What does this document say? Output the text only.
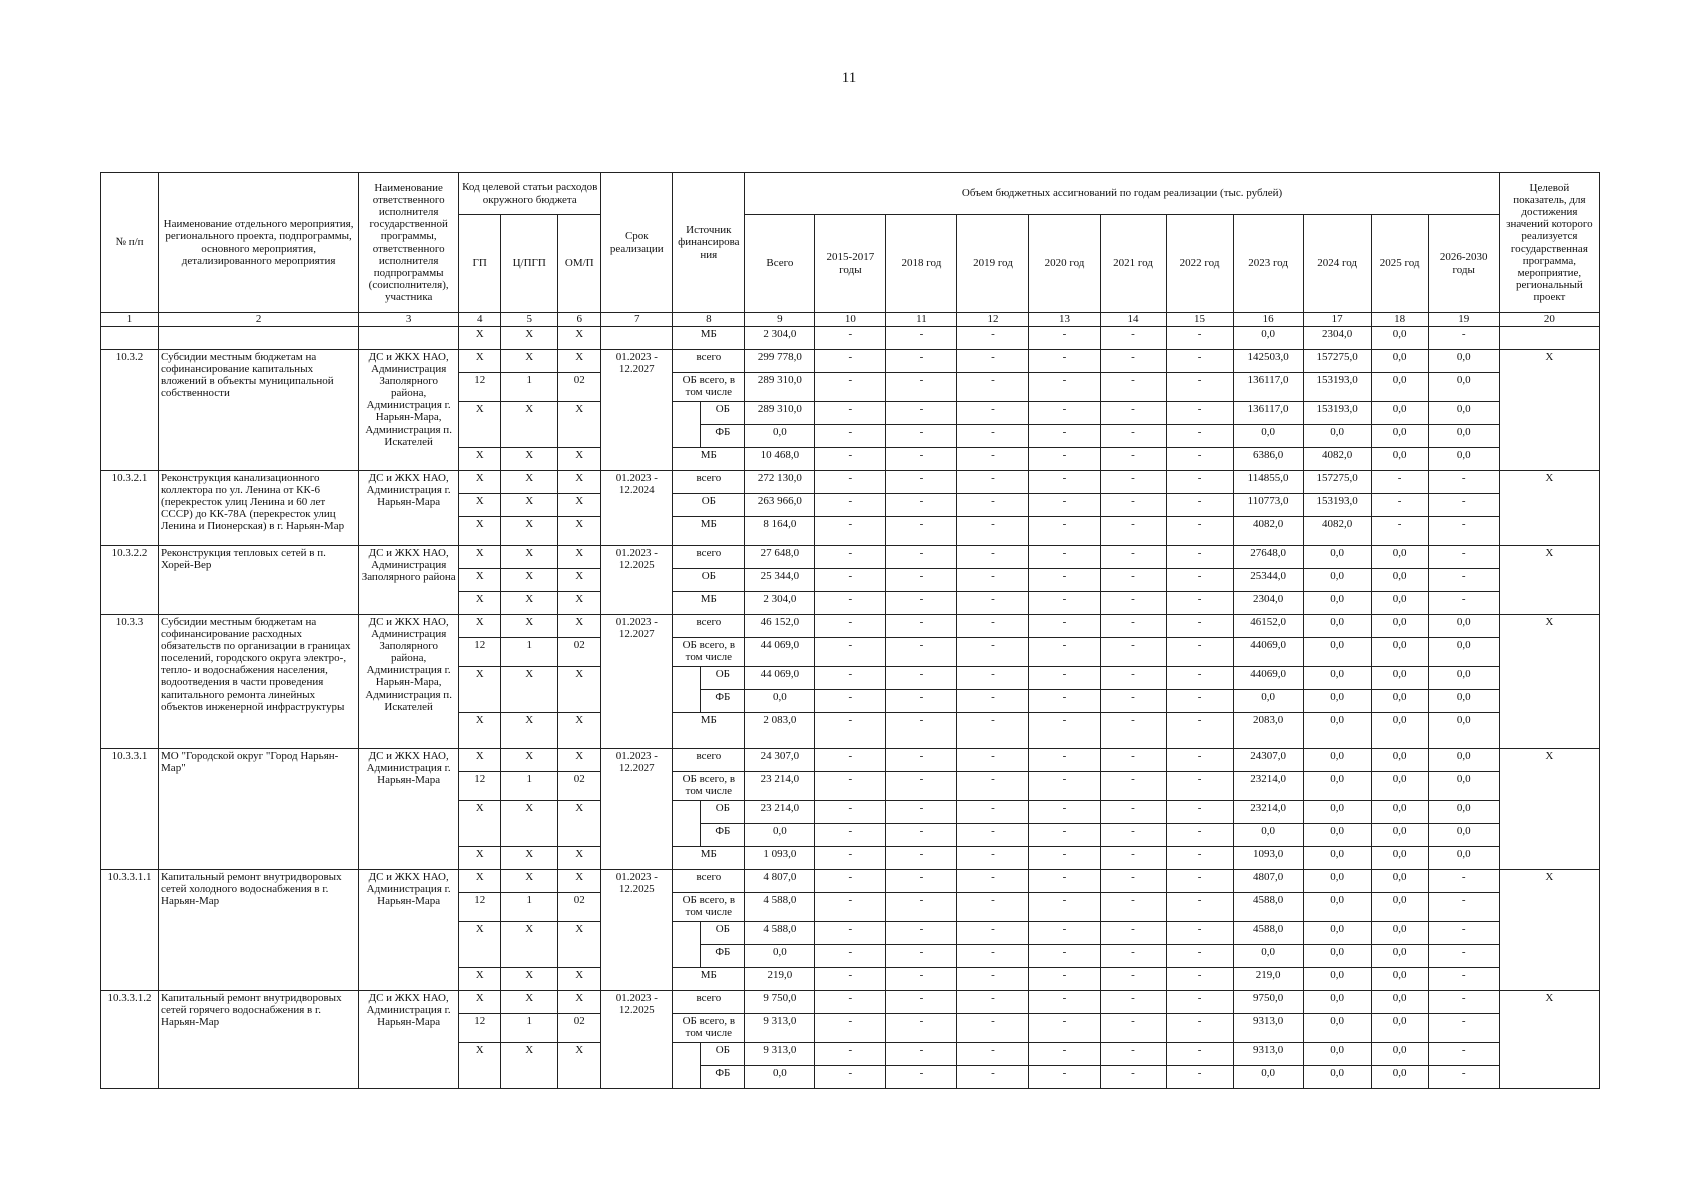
11
№ п/п	Наименование отдельного мероприятия, регионального проекта, подпрограммы, основного мероприятия, детализированного мероприятия	Наименование ответственного исполнителя государственной программы, ответственного исполнителя подпрограммы (соисполнителя), участника	Код целевой статьи расходов окружного бюджета			Срок реализации	Источник финансирования		Объем бюджетных ассигнований по годам реализации (тыс. рублей)											Целевой показатель, для достижения значений которого реализуется государственная программа, мероприятие, региональный проект
			ГП	Ц/ПГП	ОМ/П				Всего	2015-2017 годы	2018 год	2019 год	2020 год	2021 год	2022 год	2023 год	2024 год	2025 год	2026-2030 годы	
1	2	3	4	5	6	7	8		9	10	11	12	13	14	15	16	17	18	19	20
			X	X	X		МБ		2 304,0	-	-	-	-	-	-	0,0	2304,0	0,0	-	
10.3.2	Субсидии местным бюджетам на софинансирование капитальных вложений в объекты муниципальной собственности	ДС и ЖКХ НАО, Администрация Заполярного района, Администрация г. Нарьян-Мара, Администрация п. Искателей	X	X	X	01.2023 - 12.2027	всего		299 778,0	-	-	-	-	-	-	142503,0	157275,0	0,0	0,0	X
			12	1	02		ОБ всего, в том числе		289 310,0	-	-	-	-	-	-	136117,0	153193,0	0,0	0,0	
			X	X	X			ОБ	289 310,0	-	-	-	-	-	-	136117,0	153193,0	0,0	0,0	
								ФБ	0,0	-	-	-	-	-	-	0,0	0,0	0,0	0,0	
			X	X	X		МБ		10 468,0	-	-	-	-	-	-	6386,0	4082,0	0,0	0,0	
10.3.2.1	Реконструкция канализационного коллектора по ул. Ленина от КК-6 (перекресток улиц Ленина и 60 лет СССР) до КК-78А (перекресток улиц Ленина и Пионерская) в г. Нарьян-Мар	ДС и ЖКХ НАО, Администрация г. Нарьян-Мара	X	X	X	01.2023 - 12.2024	всего		272 130,0	-	-	-	-	-	-	114855,0	157275,0	-	-	X
			X	X	X		ОБ		263 966,0	-	-	-	-	-	-	110773,0	153193,0	-	-	
			X	X	X		МБ		8 164,0	-	-	-	-	-	-	4082,0	4082,0	-	-	
10.3.2.2	Реконструкция тепловых сетей в п. Хорей-Вер	ДС и ЖКХ НАО, Администрация Заполярного района	X	X	X	01.2023 - 12.2025	всего		27 648,0	-	-	-	-	-	-	27648,0	0,0	0,0	-	X
			X	X	X		ОБ		25 344,0	-	-	-	-	-	-	25344,0	0,0	0,0	-	
			X	X	X		МБ		2 304,0	-	-	-	-	-	-	2304,0	0,0	0,0	-	
10.3.3	Субсидии местным бюджетам на софинансирование расходных обязательств по организации в границах поселений, городского округа электро-, тепло- и водоснабжения населения, водоотведения в части проведения капитального ремонта линейных объектов инженерной инфраструктуры	ДС и ЖКХ НАО, Администрация Заполярного района, Администрация г. Нарьян-Мара, Администрация п. Искателей	X	X	X	01.2023 - 12.2027	всего		46 152,0	-	-	-	-	-	-	46152,0	0,0	0,0	0,0	X
			12	1	02		ОБ всего, в том числе		44 069,0	-	-	-	-	-	-	44069,0	0,0	0,0	0,0	
			X	X	X			ОБ	44 069,0	-	-	-	-	-	-	44069,0	0,0	0,0	0,0	
								ФБ	0,0	-	-	-	-	-	-	0,0	0,0	0,0	0,0	
			X	X	X		МБ		2 083,0	-	-	-	-	-	-	2083,0	0,0	0,0	0,0	
10.3.3.1	МО "Городской округ "Город Нарьян-Мар"	ДС и ЖКХ НАО, Администрация г. Нарьян-Мара	X	X	X	01.2023 - 12.2027	всего		24 307,0	-	-	-	-	-	-	24307,0	0,0	0,0	0,0	X
			12	1	02		ОБ всего, в том числе		23 214,0	-	-	-	-	-	-	23214,0	0,0	0,0	0,0	
			X	X	X			ОБ	23 214,0	-	-	-	-	-	-	23214,0	0,0	0,0	0,0	
								ФБ	0,0	-	-	-	-	-	-	0,0	0,0	0,0	0,0	
			X	X	X		МБ		1 093,0	-	-	-	-	-	-	1093,0	0,0	0,0	0,0	
10.3.3.1.1	Капитальный ремонт внутридворовых сетей холодного водоснабжения в г. Нарьян-Мар	ДС и ЖКХ НАО, Администрация г. Нарьян-Мара	X	X	X	01.2023 - 12.2025	всего		4 807,0	-	-	-	-	-	-	4807,0	0,0	0,0	-	X
			12	1	02		ОБ всего, в том числе		4 588,0	-	-	-	-	-	-	4588,0	0,0	0,0	-	
			X	X	X			ОБ	4 588,0	-	-	-	-	-	-	4588,0	0,0	0,0	-	
								ФБ	0,0	-	-	-	-	-	-	0,0	0,0	0,0	-	
			X	X	X		МБ		219,0	-	-	-	-	-	-	219,0	0,0	0,0	-	
10.3.3.1.2	Капитальный ремонт внутридворовых сетей горячего водоснабжения в г. Нарьян-Мар	ДС и ЖКХ НАО, Администрация г. Нарьян-Мара	X	X	X	01.2023 - 12.2025	всего		9 750,0	-	-	-	-	-	-	9750,0	0,0	0,0	-	X
			12	1	02		ОБ всего, в том числе		9 313,0	-	-	-	-	-	-	9313,0	0,0	0,0	-	
			X	X	X			ОБ	9 313,0	-	-	-	-	-	-	9313,0	0,0	0,0	-	
								ФБ	0,0	-	-	-	-	-	-	0,0	0,0	0,0	-	
